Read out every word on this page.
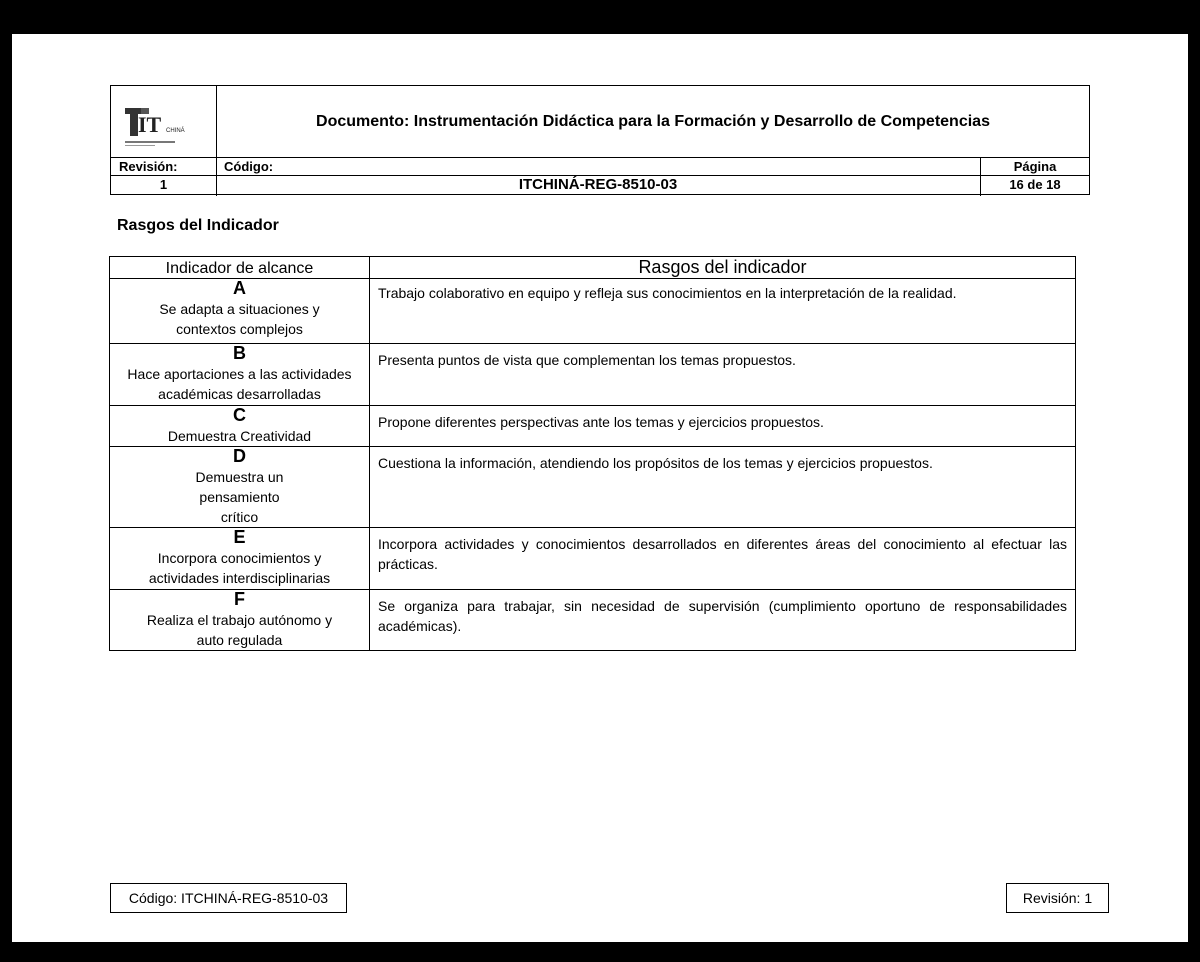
IT CHINÁ
Documento: Instrumentación Didáctica para la Formación y Desarrollo de Competencias
Revisión:
1
Código:
ITCHINÁ-REG-8510-03
Página
16 de 18
Rasgos del Indicador
Indicador de alcance	Rasgos del indicador

A
Se adapta a situaciones y contextos complejos	Trabajo colaborativo en equipo y refleja sus conocimientos en la interpretación de la realidad.

B
Hace aportaciones a las actividades académicas desarrolladas	Presenta puntos de vista que complementan los temas propuestos.

C
Demuestra Creatividad	Propone diferentes perspectivas ante los temas y ejercicios propuestos.

D
Demuestra un pensamiento crítico	Cuestiona la información, atendiendo los propósitos de los temas y ejercicios propuestos.

E
Incorpora conocimientos y actividades interdisciplinarias	Incorpora actividades y conocimientos desarrollados en diferentes áreas del conocimiento al efectuar las prácticas.

F
Realiza el trabajo autónomo y auto regulada	Se organiza para trabajar, sin necesidad de supervisión (cumplimiento oportuno de responsabilidades académicas).
Código: ITCHINÁ-REG-8510-03	Revisión: 1
